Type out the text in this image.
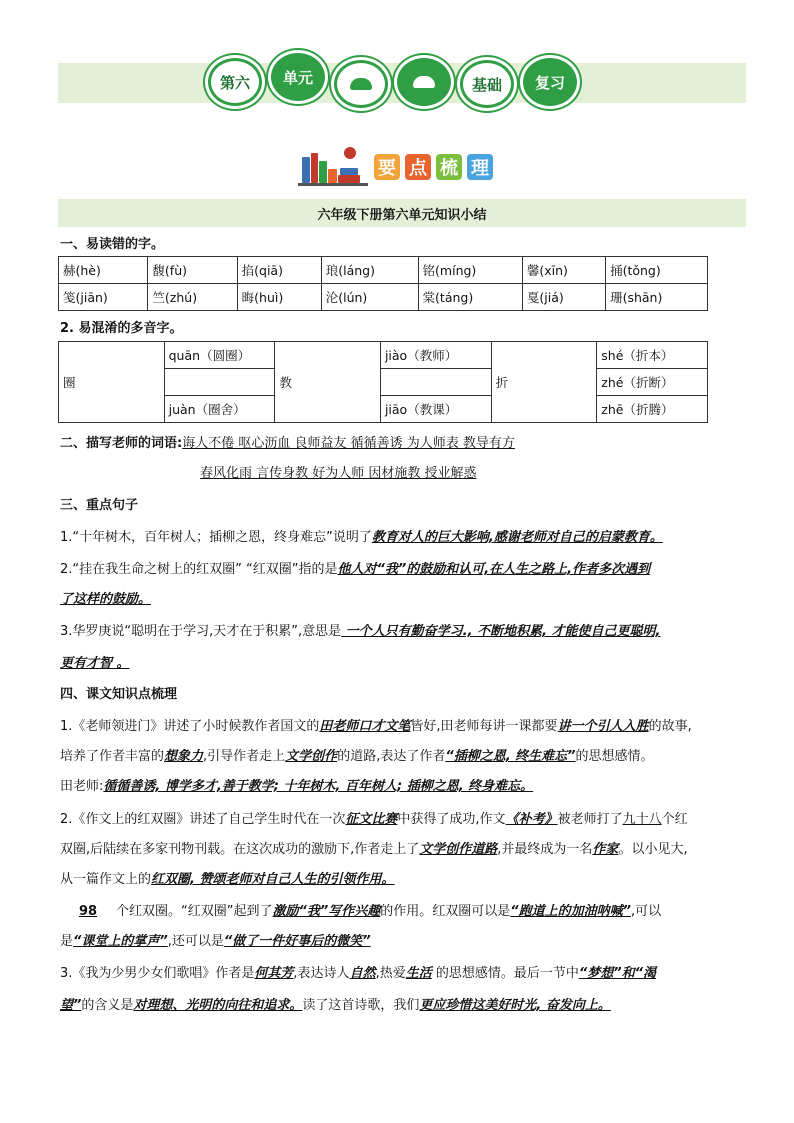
第六	单元	基础	复习
要 点 梳 理
六年级下册第六单元知识小结
一、易读错的字。
赫(hè)	馥(fù)	掐(qiā)	琅(láng)	铭(míng)	馨(xīn)	捅(tǒng)
笺(jiān)	竺(zhú)	晦(huì)	沦(lún)	棠(táng)	戛(jiá)	珊(shān)
2. 易混淆的多音字。
圈	quān（圆圈）	教	jiào（教师）	折	shé（折本）
					zhé（折断）
	juàn（圈舍）		jiāo（教课）		zhē（折腾）
二、描写老师的词语:诲人不倦 呕心沥血 良师益友 循循善诱 为人师表 教导有方
春风化雨 言传身教 好为人师 因材施教 授业解惑
三、重点句子
1.“十年树木，百年树人；插柳之恩，终身难忘”说明了教育对人的巨大影响,感谢老师对自己的启蒙教育。
2.“挂在我生命之树上的红双圈” “红双圈”指的是他人对“我”的鼓励和认可,在人生之路上,作者多次遇到
了这样的鼓励。
3.华罗庚说“聪明在于学习,天才在于积累”,意思是 一个人只有勤奋学习., 不断地积累, 才能使自己更聪明,
更有才智 。
四、课文知识点梳理
1.《老师领进门》讲述了小时候教作者国文的田老师口才文笔皆好,田老师每讲一课都要讲一个引人入胜的故事,
培养了作者丰富的想象力,引导作者走上文学创作的道路,表达了作者“插柳之恩, 终生难忘”的思想感情。
田老师:循循善诱, 博学多才,善于教学; 十年树木, 百年树人; 插柳之恩, 终身难忘。
2.《作文上的红双圈》讲述了自己学生时代在一次征文比赛中获得了成功,作文《补考》被老师打了九十八个红
双圈,后陆续在多家刊物刊载。在这次成功的激励下,作者走上了文学创作道路,并最终成为一名作家。以小见大,
从一篇作文上的红双圈, 赞颂老师对自己人生的引领作用。
98 个红双圈。“红双圈”起到了激励“我”写作兴趣的作用。红双圈可以是“跑道上的加油呐喊”,可以
是“课堂上的掌声”,还可以是“做了一件好事后的微笑”
3.《我为少男少女们歌唱》作者是何其芳,表达诗人自然,热爱生活 的思想感情。最后一节中“梦想”和“渴
望”的含义是对理想、光明的向往和追求。读了这首诗歌，我们更应珍惜这美好时光, 奋发向上。
